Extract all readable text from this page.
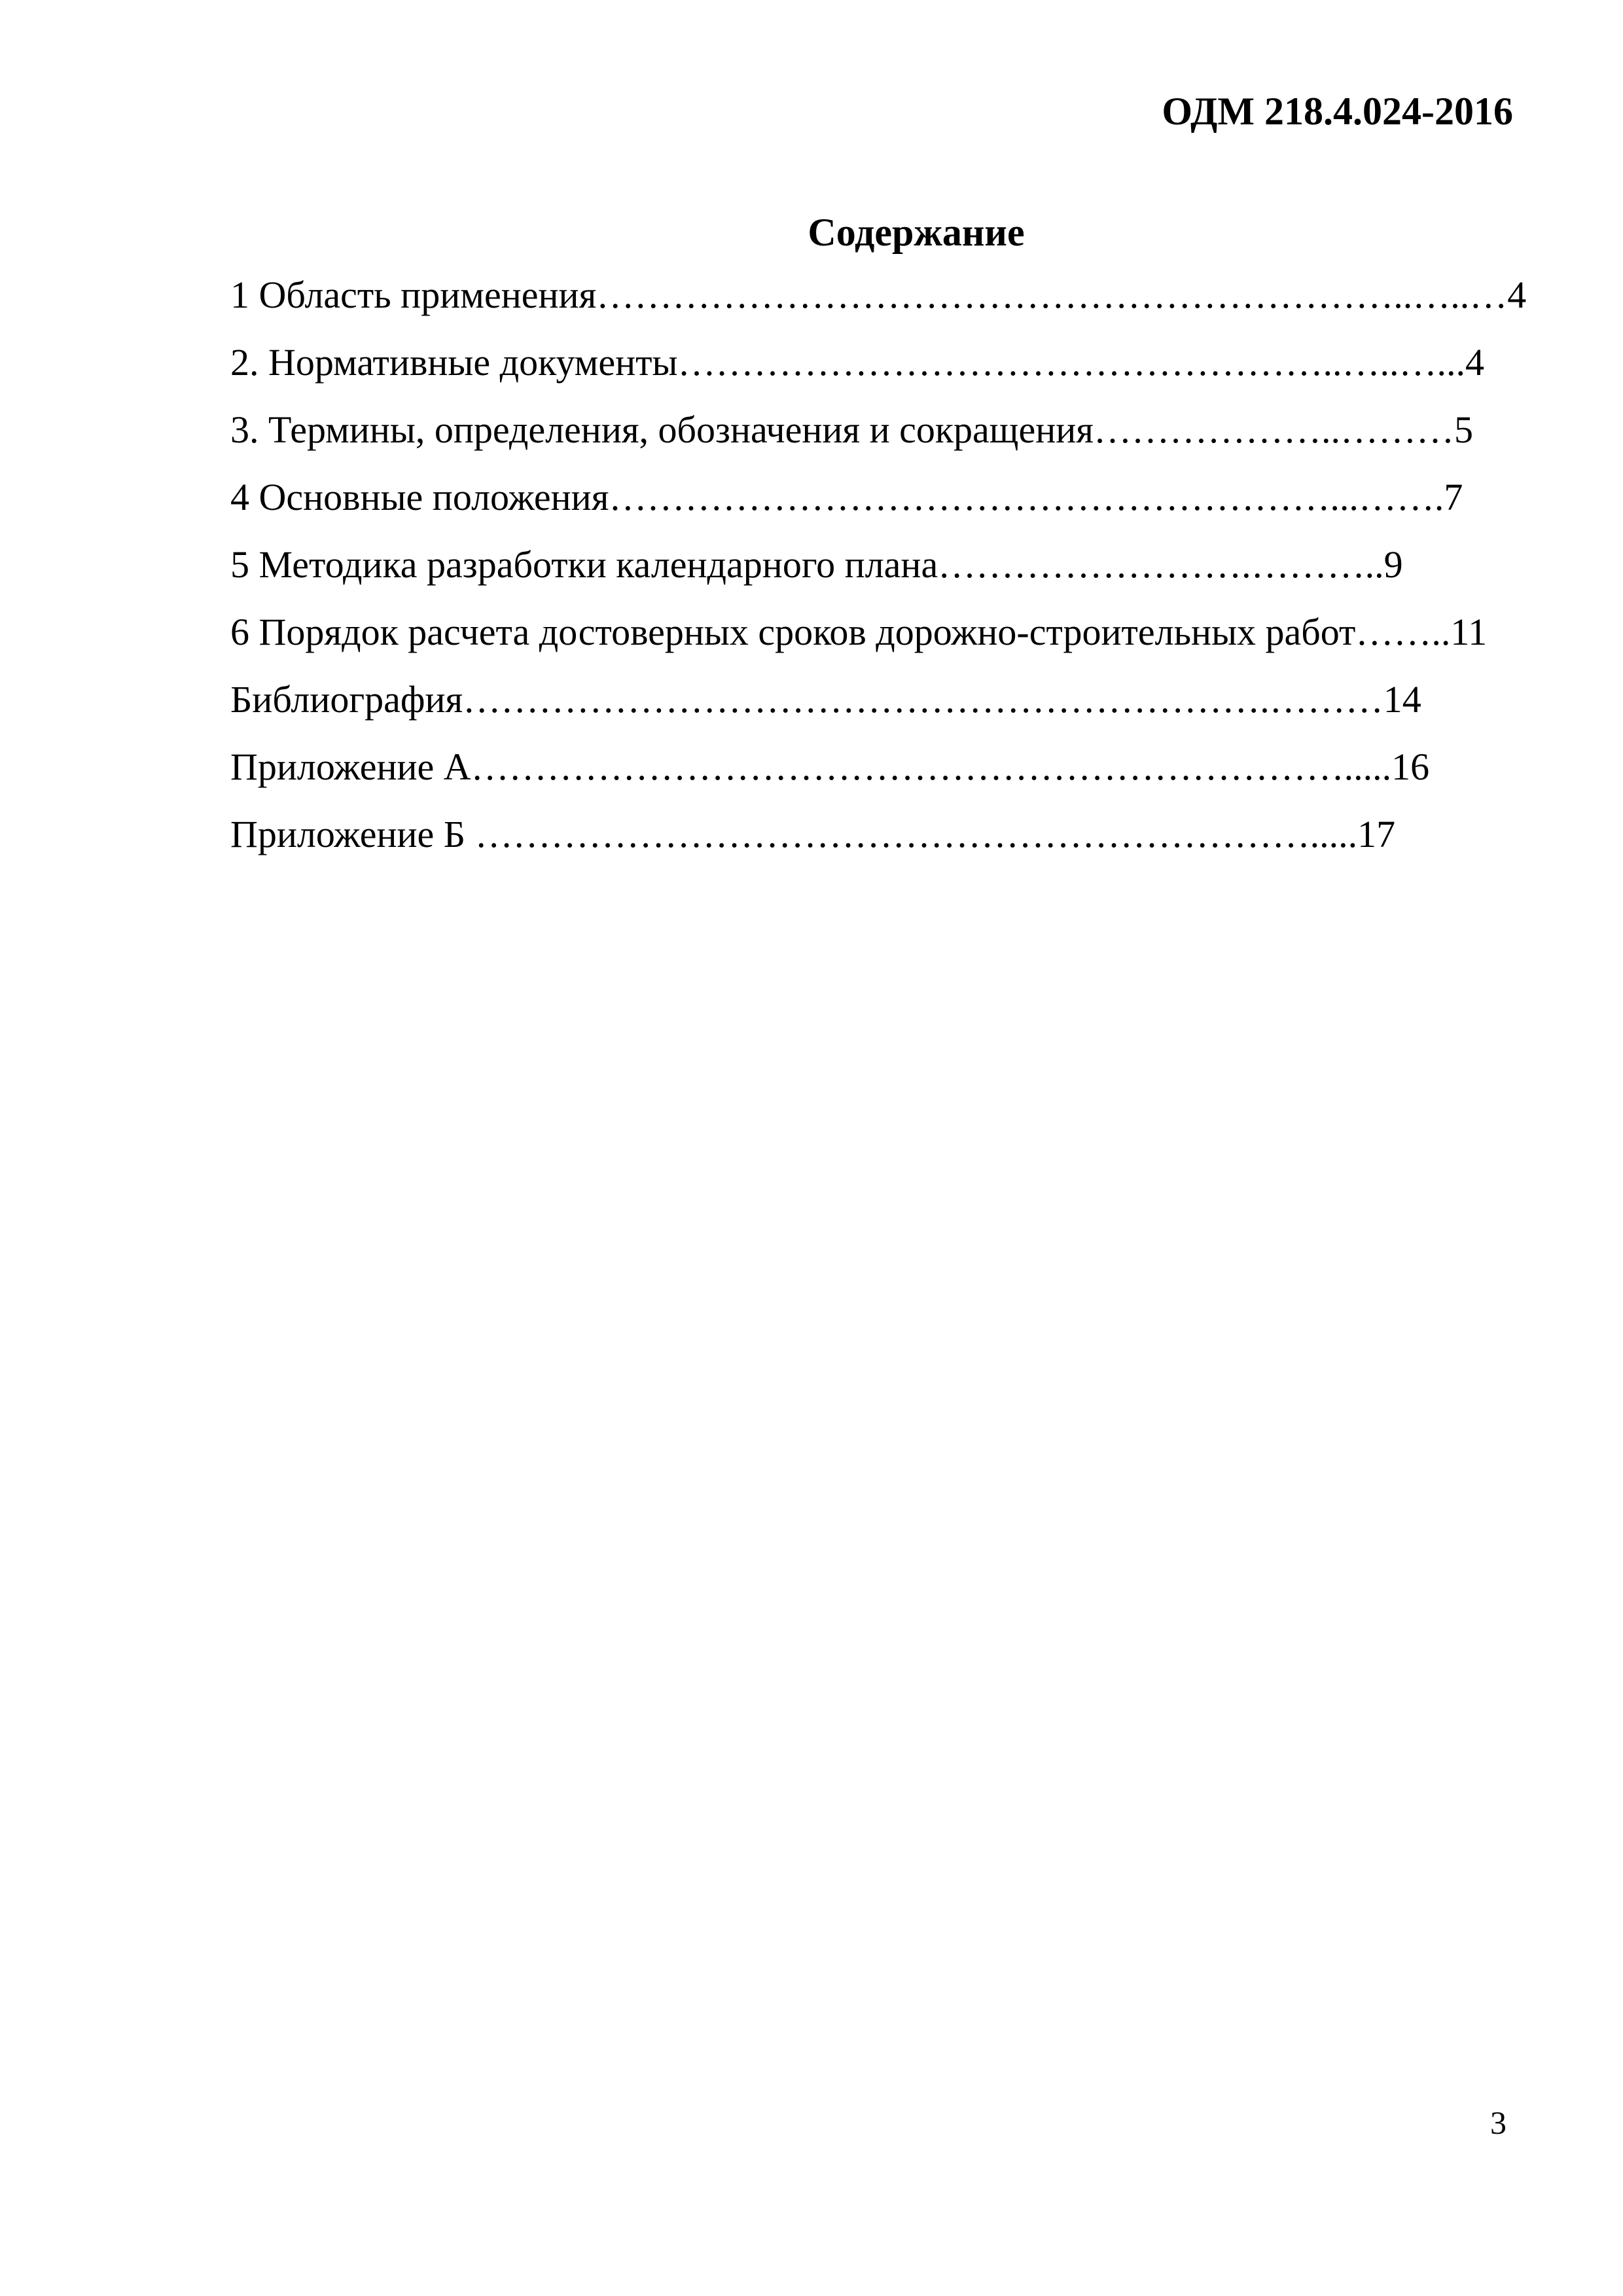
ОДМ 218.4.024-2016
Содержание
1 Область применения………………………………………………………..…..…4
2. Нормативные документы……………………………………………..…..…...4
3. Термины, определения, обозначения и сокращения………………..………5
4 Основные положения…………………………………………………...…….7
5 Методика разработки календарного плана…………………….………..9
6 Порядок расчета достоверных сроков дорожно-строительных работ……..11
Библиография……………………………………………………….………14
Приложение А…………………………………………………………….....16
Приложение Б ………………………………………………………….....17
3
